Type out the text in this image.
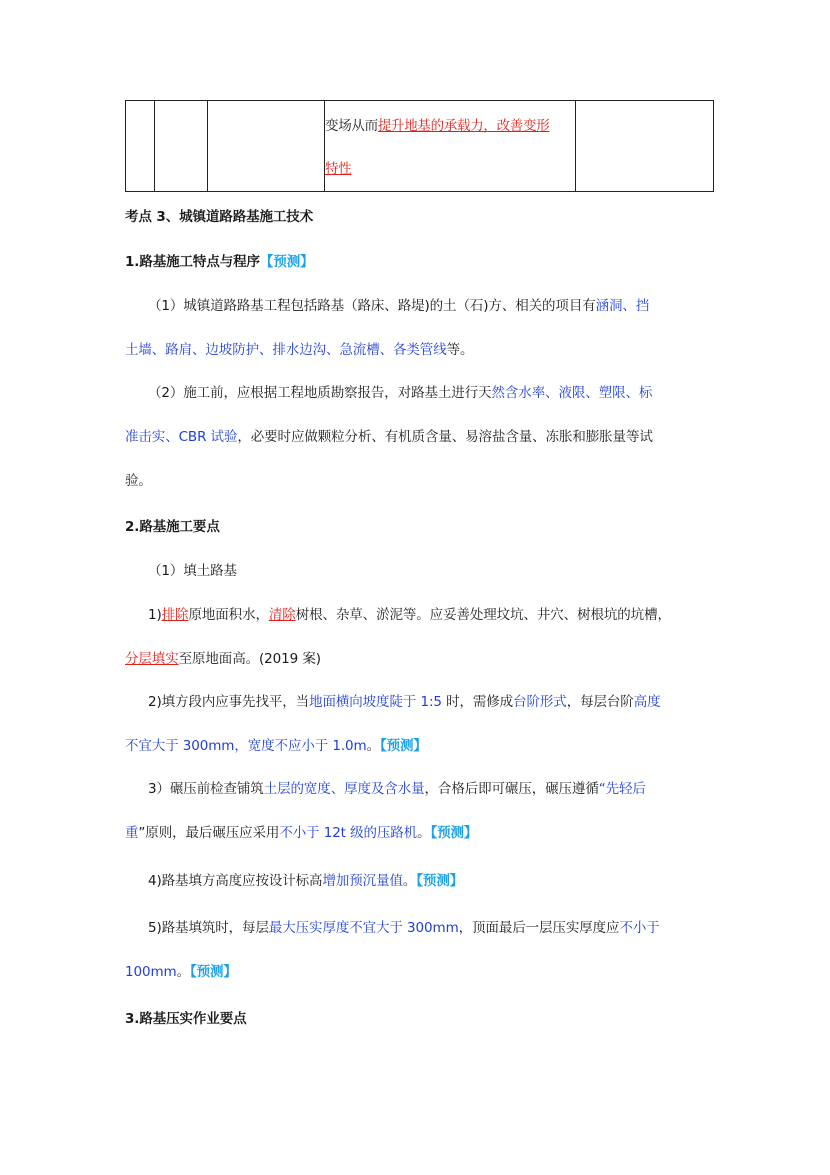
变场从而提升地基的承载力，改善变形
特性

考点 3、城镇道路路基施工技术
1.路基施工特点与程序【预测】
（1）城镇道路路基工程包括路基（路床、路堤)的土（石)方、相关的项目有涵洞、挡
土墙、路肩、边坡防护、排水边沟、急流槽、各类管线等。
（2）施工前，应根据工程地质勘察报告，对路基土进行天然含水率、液限、塑限、标
准击实、CBR 试验，必要时应做颗粒分析、有机质含量、易溶盐含量、冻胀和膨胀量等试
验。
2.路基施工要点
（1）填土路基
1)排除原地面积水，清除树根、杂草、淤泥等。应妥善处理坟坑、井穴、树根坑的坑槽，
分层填实至原地面高。(2019 案)
2)填方段内应事先找平，当地面横向坡度陡于 1:5 时，需修成台阶形式，每层台阶高度
不宜大于 300mm，宽度不应小于 1.0m。【预测】
3）碾压前检查铺筑土层的宽度、厚度及含水量，合格后即可碾压，碾压遵循“先轻后
重”原则，最后碾压应采用不小于 12t 级的压路机。【预测】
4)路基填方高度应按设计标高增加预沉量值。【预测】
5)路基填筑时，每层最大压实厚度不宜大于 300mm，顶面最后一层压实厚度应不小于
100mm。【预测】
3.路基压实作业要点
